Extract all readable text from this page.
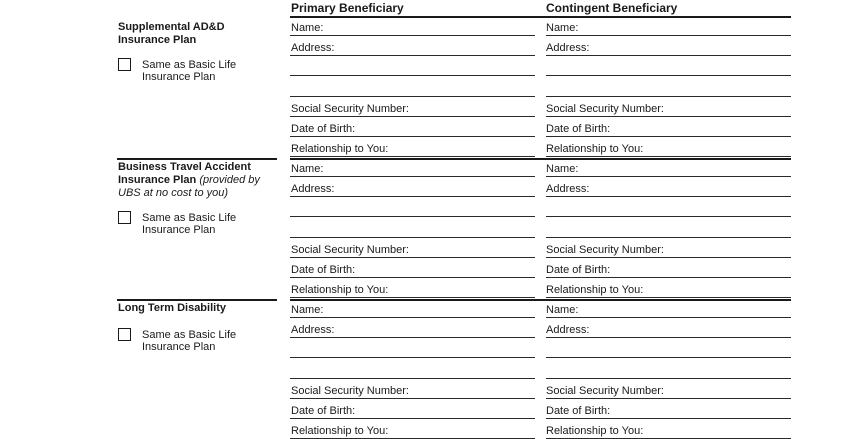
Primary Beneficiary	Contingent Beneficiary
Supplemental AD&D Insurance Plan
Same as Basic Life Insurance Plan
Name:
Address:
Social Security Number:
Date of Birth:
Relationship to You:
Name:
Address:
Social Security Number:
Date of Birth:
Relationship to You:
Business Travel Accident Insurance Plan (provided by UBS at no cost to you)
Same as Basic Life Insurance Plan
Name:
Address:
Social Security Number:
Date of Birth:
Relationship to You:
Name:
Address:
Social Security Number:
Date of Birth:
Relationship to You:
Long Term Disability
Same as Basic Life Insurance Plan
Name:
Address:
Social Security Number:
Date of Birth:
Relationship to You:
Name:
Address:
Social Security Number:
Date of Birth:
Relationship to You:
